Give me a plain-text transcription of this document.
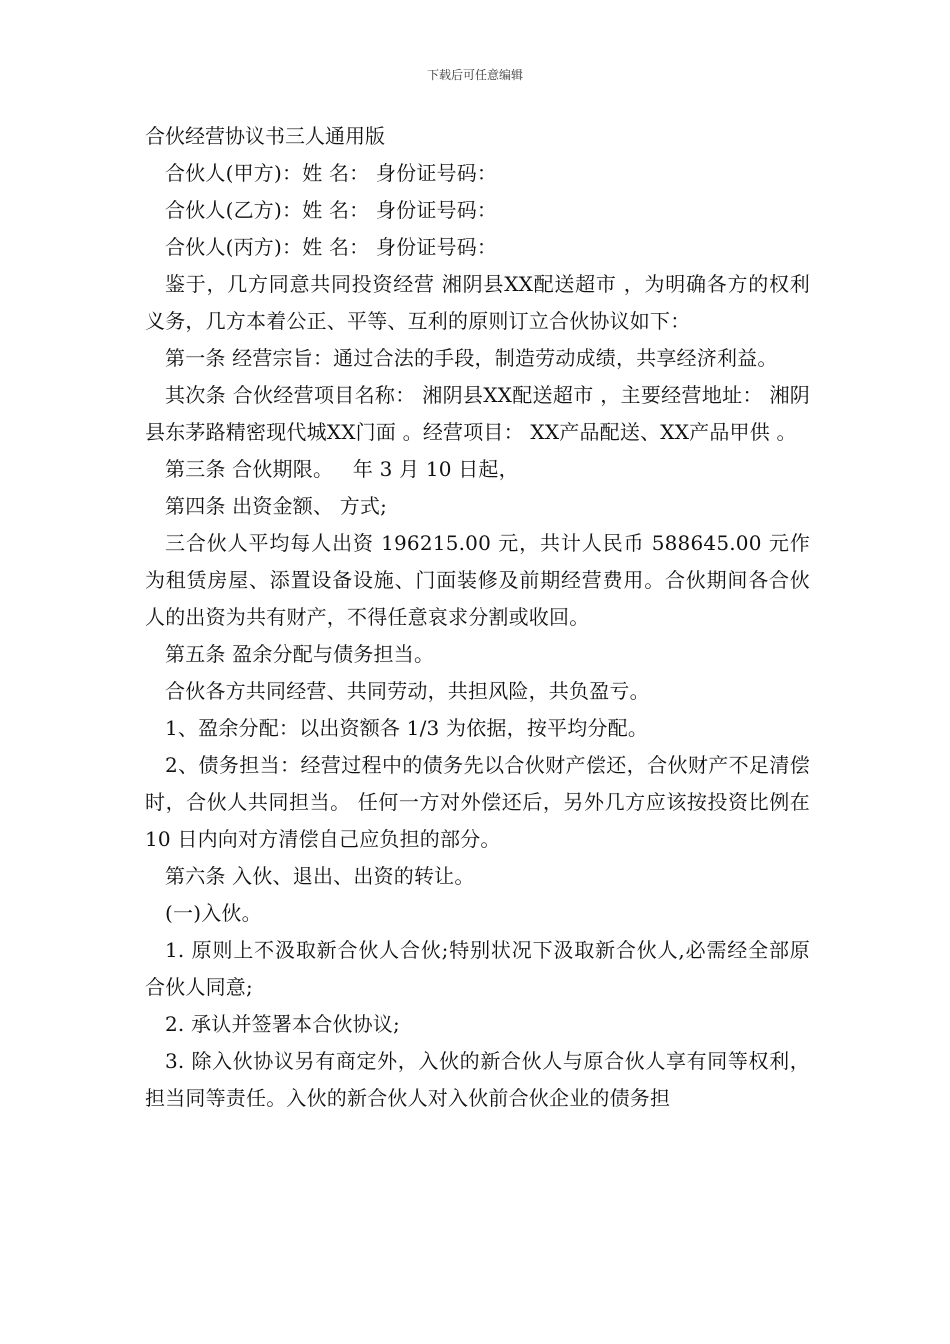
下载后可任意编辑

合伙经营协议书三人通用版

合伙人(甲方)：姓 名： 身份证号码：

合伙人(乙方)：姓 名： 身份证号码：

合伙人(丙方)：姓 名： 身份证号码：

鉴于，几方同意共同投资经营 湘阴县XX配送超市 ，为明确各方的权利义务，几方本着公正、平等、互利的原则订立合伙协议如下：

第一条 经营宗旨：通过合法的手段，制造劳动成绩，共享经济利益。

其次条 合伙经营项目名称： 湘阴县XX配送超市 ，主要经营地址： 湘阴县东茅路精密现代城XX门面 。经营项目： XX产品配送、XX产品甲供 。

第三条 合伙期限。   年 3 月 10 日起，

第四条 出资金额、 方式;

三合伙人平均每人出资 196215.00 元，共计人民币 588645.00 元作为租赁房屋、添置设备设施、门面装修及前期经营费用。合伙期间各合伙人的出资为共有财产，不得任意哀求分割或收回。

第五条 盈余分配与债务担当。

合伙各方共同经营、共同劳动，共担风险，共负盈亏。

1、盈余分配：以出资额各 1/3 为依据，按平均分配。

2、债务担当：经营过程中的债务先以合伙财产偿还，合伙财产不足清偿时，合伙人共同担当。 任何一方对外偿还后，另外几方应该按投资比例在 10 日内向对方清偿自己应负担的部分。

第六条 入伙、退出、出资的转让。

(一)入伙。

1. 原则上不汲取新合伙人合伙;特别状况下汲取新合伙人,必需经全部原合伙人同意;

2. 承认并签署本合伙协议;

3. 除入伙协议另有商定外，入伙的新合伙人与原合伙人享有同等权利，担当同等责任。入伙的新合伙人对入伙前合伙企业的债务担
